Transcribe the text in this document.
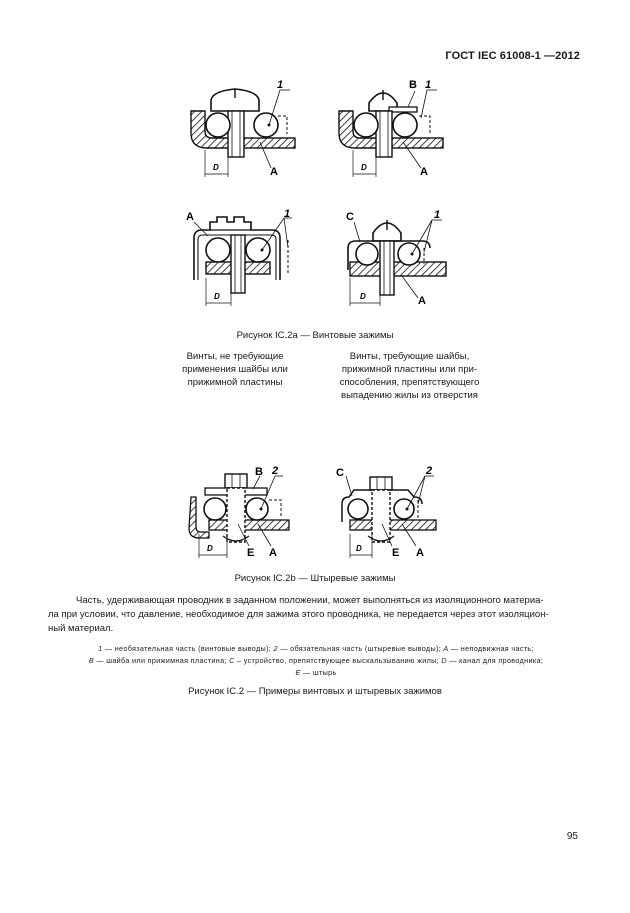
ГОСТ IEC 61008-1 —2012
1
A
D
B 1
A
D
A	1
D
C	1
A
D
Рисунок IC.2a — Винтовые зажимы
Винты, не требующие
применения шайбы или
прижимной пластины
Винты, требующие шайбы,
прижимной пластины или при-
способления, препятствующего
выпадению жилы из отверстия
B 2
E A
D
C	2
E A
D
Рисунок IC.2b — Штыревые зажимы
Часть, удерживающая проводник в заданном положении, может выполняться из изоляционного материа-
ла при условии, что давление, необходимое для зажима этого проводника, не передается через этот изоляцион-
ный материал.
1 — необязательная часть (винтовые выводы); 2 — обязательная часть (штыревые выводы); A — неподвижная часть;
B — шайба или прижимная пластина; C – устройство, препятствующее выскальзыванию жилы; D — канал для проводника;
E — штырь
Рисунок IC.2 — Примеры винтовых и штыревых зажимов
95
